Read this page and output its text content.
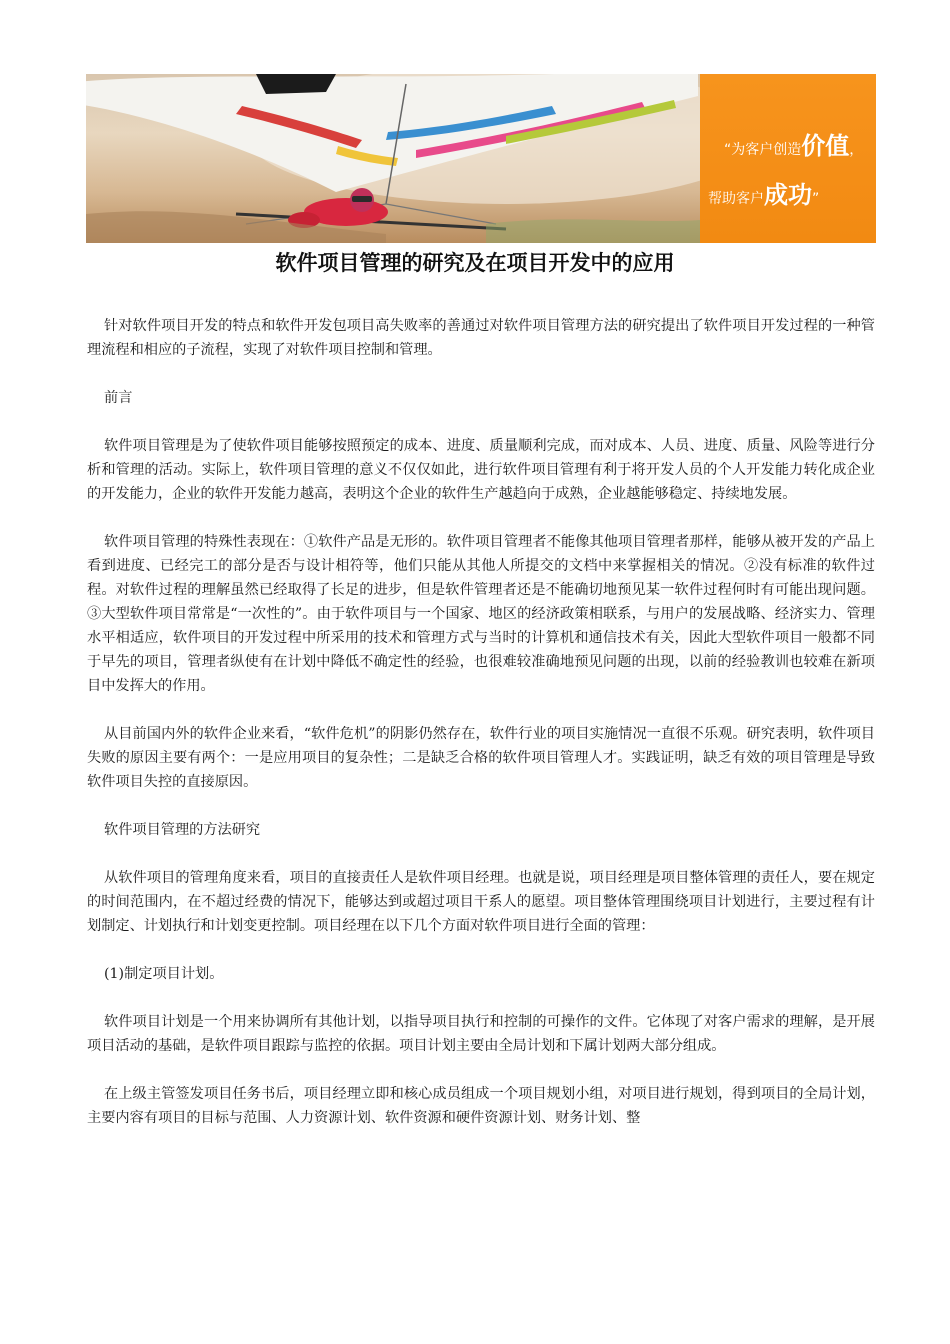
“为客户创造价值，
帮助客户成功”
软件项目管理的研究及在项目开发中的应用

针对软件项目开发的特点和软件开发包项目高失败率的善通过对软件项目管理方法的研究提出了软件项目开发过程的一种管理流程和相应的子流程，实现了对软件项目控制和管理。

前言

软件项目管理是为了使软件项目能够按照预定的成本、进度、质量顺利完成，而对成本、人员、进度、质量、风险等进行分析和管理的活动。实际上，软件项目管理的意义不仅仅如此，进行软件项目管理有利于将开发人员的个人开发能力转化成企业的开发能力，企业的软件开发能力越高，表明这个企业的软件生产越趋向于成熟，企业越能够稳定、持续地发展。

软件项目管理的特殊性表现在：①软件产品是无形的。软件项目管理者不能像其他项目管理者那样，能够从被开发的产品上看到进度、已经完工的部分是否与设计相符等，他们只能从其他人所提交的文档中来掌握相关的情况。②没有标准的软件过程。对软件过程的理解虽然已经取得了长足的进步，但是软件管理者还是不能确切地预见某一软件过程何时有可能出现问题。③大型软件项目常常是“一次性的”。由于软件项目与一个国家、地区的经济政策相联系，与用户的发展战略、经济实力、管理水平相适应，软件项目的开发过程中所采用的技术和管理方式与当时的计算机和通信技术有关，因此大型软件项目一般都不同于早先的项目，管理者纵使有在计划中降低不确定性的经验，也很难较准确地预见问题的出现，以前的经验教训也较难在新项目中发挥大的作用。

从目前国内外的软件企业来看，“软件危机”的阴影仍然存在，软件行业的项目实施情况一直很不乐观。研究表明，软件项目失败的原因主要有两个：一是应用项目的复杂性；二是缺乏合格的软件项目管理人才。实践证明，缺乏有效的项目管理是导致软件项目失控的直接原因。

软件项目管理的方法研究

从软件项目的管理角度来看，项目的直接责任人是软件项目经理。也就是说，项目经理是项目整体管理的责任人，要在规定的时间范围内，在不超过经费的情况下，能够达到或超过项目干系人的愿望。项目整体管理围绕项目计划进行，主要过程有计划制定、计划执行和计划变更控制。项目经理在以下几个方面对软件项目进行全面的管理：

(1)制定项目计划。

软件项目计划是一个用来协调所有其他计划，以指导项目执行和控制的可操作的文件。它体现了对客户需求的理解，是开展项目活动的基础，是软件项目跟踪与监控的依据。项目计划主要由全局计划和下属计划两大部分组成。

在上级主管签发项目任务书后，项目经理立即和核心成员组成一个项目规划小组，对项目进行规划，得到项目的全局计划，主要内容有项目的目标与范围、人力资源计划、软件资源和硬件资源计划、财务计划、整
